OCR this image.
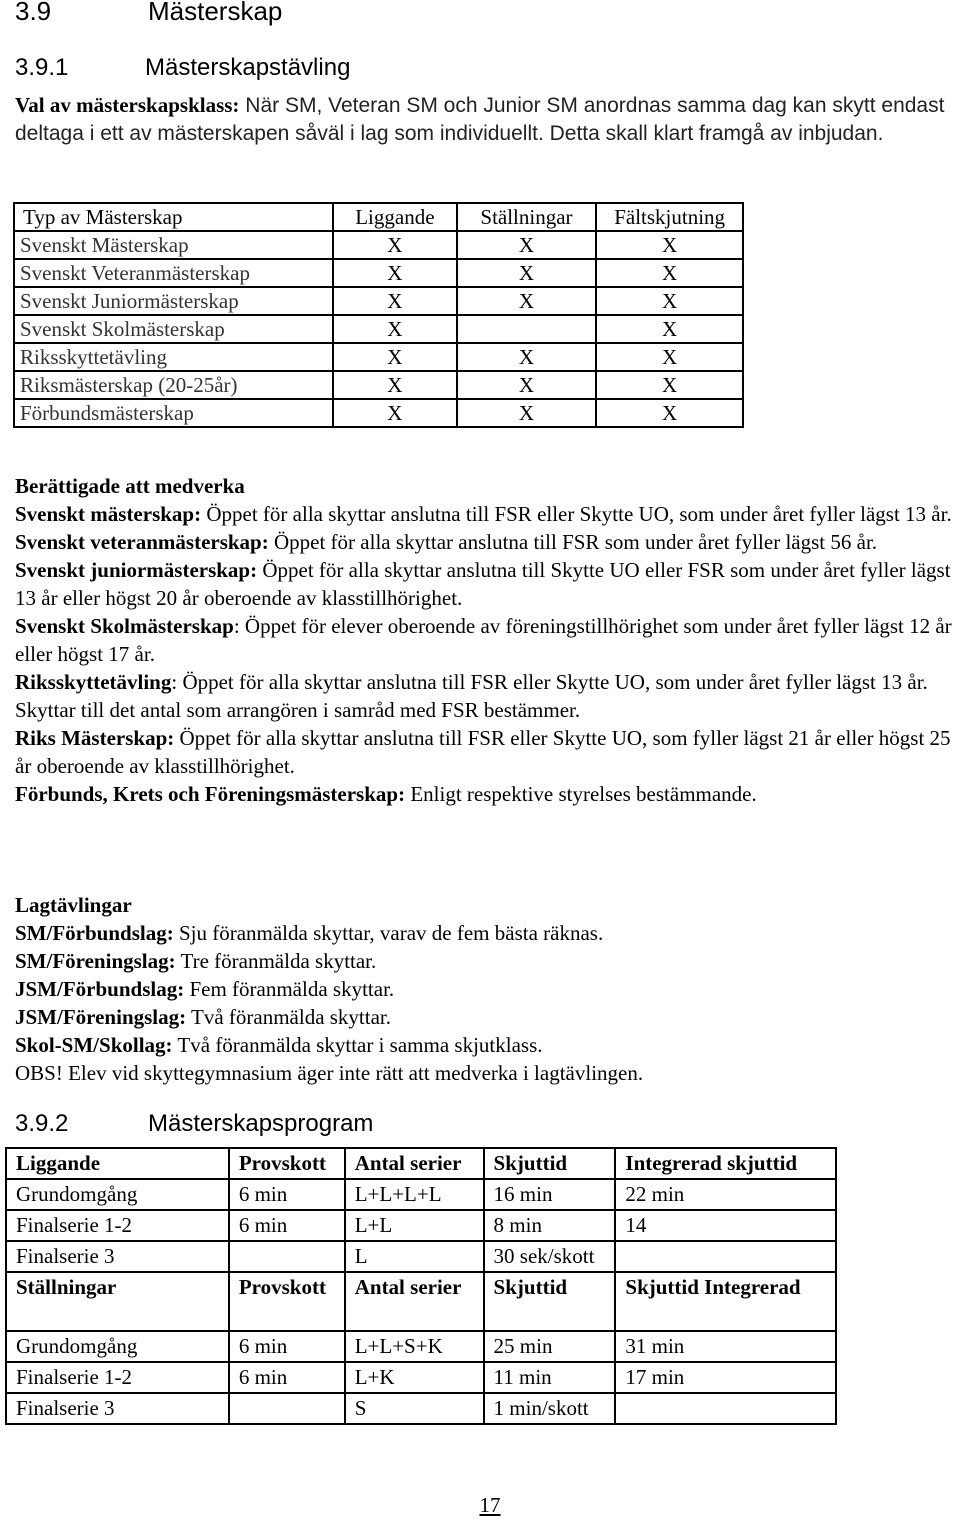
3.9	Mästerskap
3.9.1	Mästerskapstävling
Val av mästerskapsklass: När SM, Veteran SM och Junior SM anordnas samma dag kan skytt endast deltaga i ett av mästerskapen såväl i lag som individuellt. Detta skall klart framgå av inbjudan.
Typ av Mästerskap	Liggande	Ställningar	Fältskjutning
Svenskt Mästerskap	X	X	X
Svenskt Veteranmästerskap	X	X	X
Svenskt Juniormästerskap	X	X	X
Svenskt Skolmästerskap	X		X
Riksskyttetävling	X	X	X
Riksmästerskap (20-25år)	X	X	X
Förbundsmästerskap	X	X	X

Berättigade att medverka

Svenskt mästerskap: Öppet för alla skyttar anslutna till FSR eller Skytte UO, som under året fyller lägst 13 år.

Svenskt veteranmästerskap: Öppet för alla skyttar anslutna till FSR som under året fyller lägst 56 år.

Svenskt juniormästerskap: Öppet för alla skyttar anslutna till Skytte UO eller FSR som under året fyller lägst 13 år eller högst 20 år oberoende av klasstillhörighet.

Svenskt Skolmästerskap: Öppet för elever oberoende av föreningstillhörighet som under året fyller lägst 12 år eller högst 17 år.

Riksskyttetävling: Öppet för alla skyttar anslutna till FSR eller Skytte UO, som under året fyller lägst 13 år. Skyttar till det antal som arrangören i samråd med FSR bestämmer.

Riks Mästerskap: Öppet för alla skyttar anslutna till FSR eller Skytte UO, som fyller lägst 21 år eller högst 25 år oberoende av klasstillhörighet.

Förbunds, Krets och Föreningsmästerskap: Enligt respektive styrelses bestämmande.

Lagtävlingar

SM/Förbundslag: Sju föranmälda skyttar, varav de fem bästa räknas.

SM/Föreningslag: Tre föranmälda skyttar.

JSM/Förbundslag: Fem föranmälda skyttar.

JSM/Föreningslag: Två föranmälda skyttar.

Skol-SM/Skollag: Två föranmälda skyttar i samma skjutklass.

OBS! Elev vid skyttegymnasium äger inte rätt att medverka i lagtävlingen.

3.9.2	Mästerskapsprogram
Liggande	Provskott	Antal serier	Skjuttid	Integrerad skjuttid
Grundomgång	6 min	L+L+L+L	16 min	22 min
Finalserie 1-2	6 min	L+L	8 min	14
Finalserie 3		L	30 sek/skott	
Ställningar	Provskott	Antal serier	Skjuttid	Skjuttid Integrerad
Grundomgång	6 min	L+L+S+K	25 min	31 min
Finalserie 1-2	6 min	L+K	11 min	17 min
Finalserie 3		S	1 min/skott	
17
